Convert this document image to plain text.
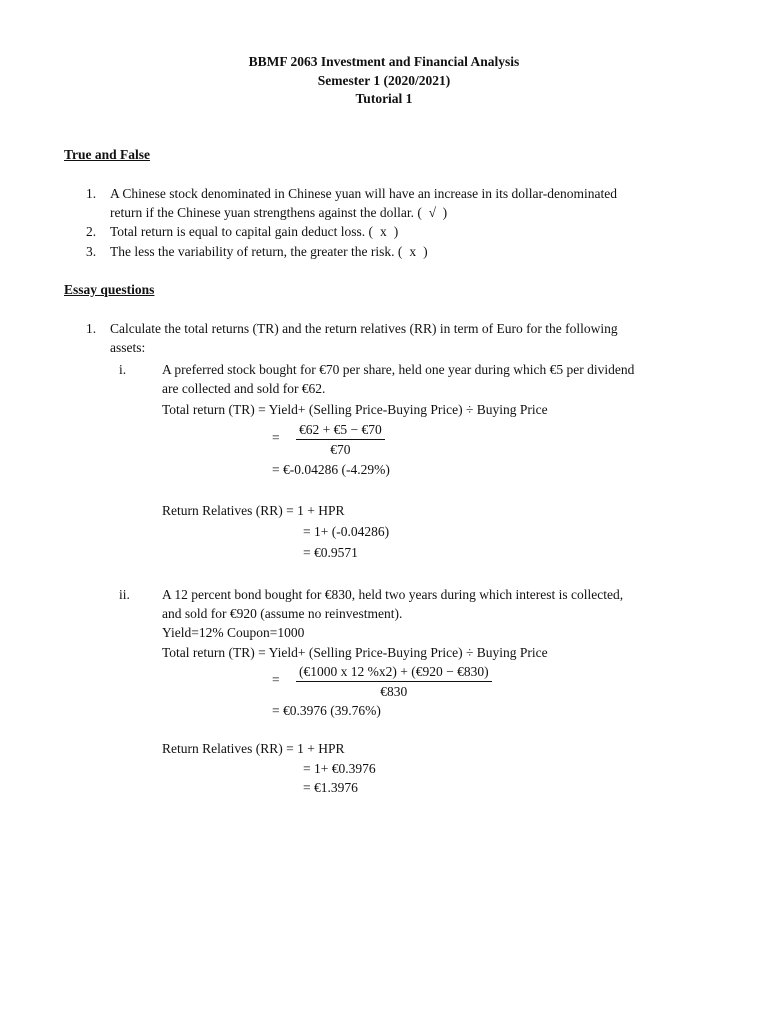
BBMF 2063 Investment and Financial Analysis
Semester 1 (2020/2021)
Tutorial 1
True and False
1. A Chinese stock denominated in Chinese yuan will have an increase in its dollar-denominated
return if the Chinese yuan strengthens against the dollar. ( √ )
2. Total return is equal to capital gain deduct loss. ( x )
3. The less the variability of return, the greater the risk. ( x )
Essay questions
1. Calculate the total returns (TR) and the return relatives (RR) in term of Euro for the following
assets:
i.	A preferred stock bought for €70 per share, held one year during which €5 per dividend
are collected and sold for €62.
Total return (TR) = Yield+ (Selling Price-Buying Price) ÷ Buying Price
= $\frac{€62 + €5 - €70}{€70}$
= €-0.04286 (-4.29%)
Return Relatives (RR) = 1 + HPR
= 1+ (-0.04286)
= €0.9571
ii. A 12 percent bond bought for €830, held two years during which interest is collected,
and sold for €920 (assume no reinvestment).
Yield=12% Coupon=1000
Total return (TR) = Yield+ (Selling Price-Buying Price) ÷ Buying Price
= $\frac{(€1000 x 12 \%x2) + (€920 - €830)}{€830}$
= €0.3976 (39.76%)
Return Relatives (RR) = 1 + HPR
= 1+ €0.3976
= €1.3976
